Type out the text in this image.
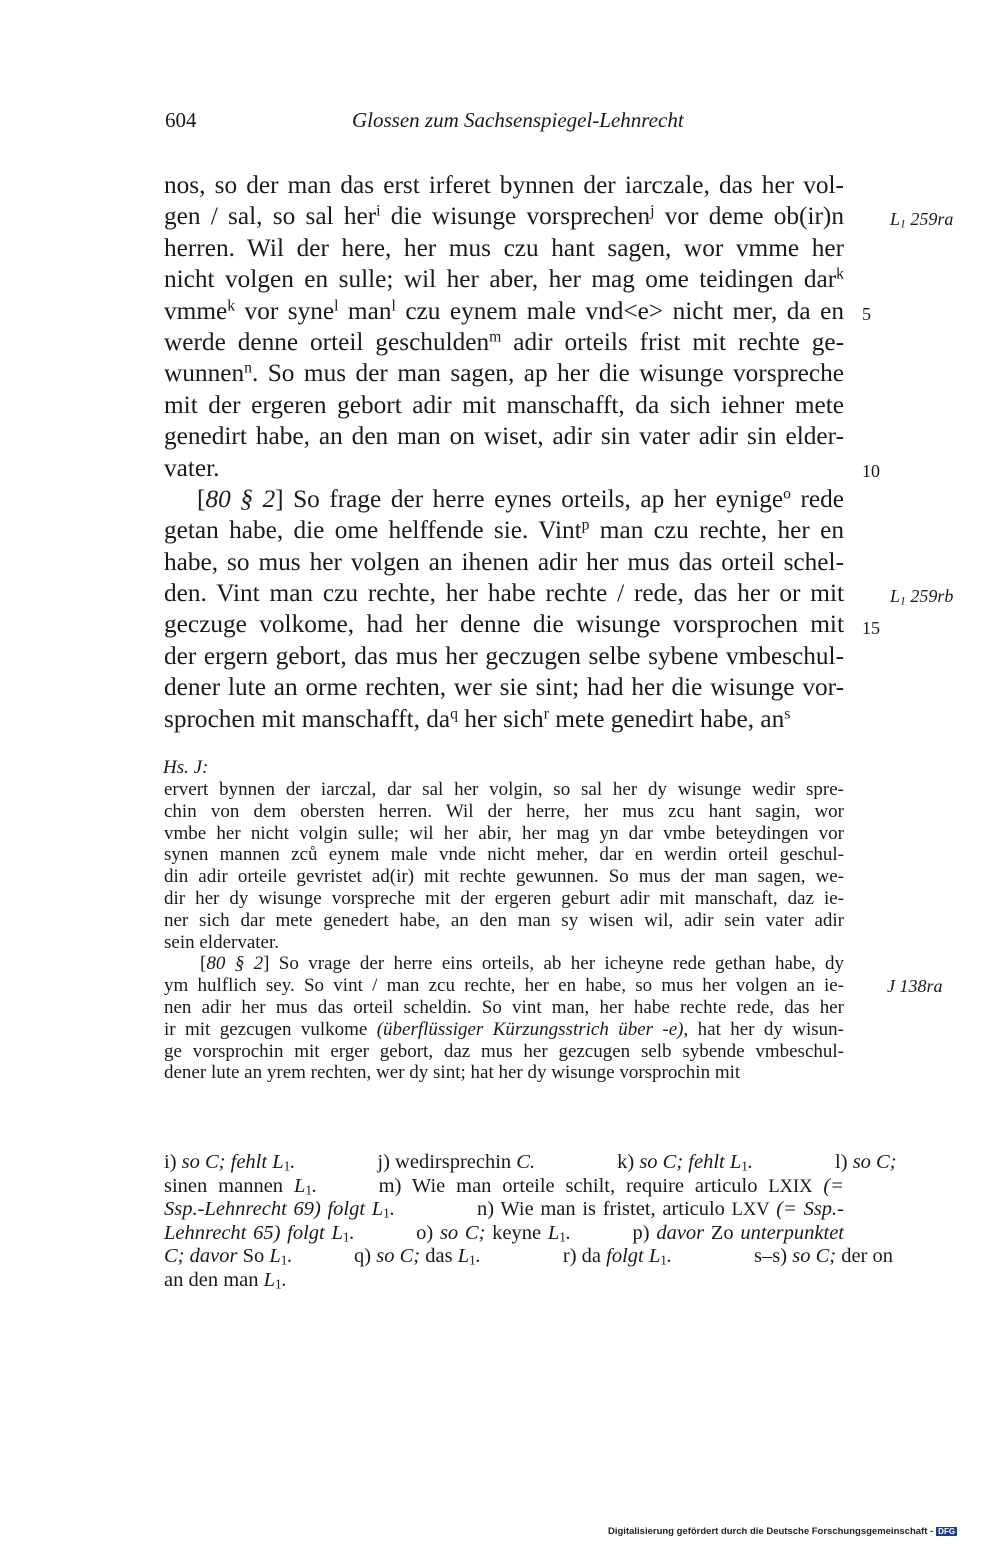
604	Glossen zum Sachsenspiegel-Lehnrecht
nos, so der man das erst irferet bynnen der iarczale, das her vol-
gen / sal, so sal her$^i$ die wisunge vorsprechen$^j$ vor deme ob(ir)n
herren. Wil der here, her mus czu hant sagen, wor vmme her
nicht volgen en sulle; wil her aber, her mag ome teidingen dar$^k$
vmme$^k$ vor syne$^l$ man$^l$ czu eynem male vnd<e> nicht mer, da en
werde denne orteil geschulden$^m$ adir orteils frist mit rechte ge-
wunnen$^n$. So mus der man sagen, ap her die wisunge vorspreche
mit der ergeren gebort adir mit manschafft, da sich iehner mete
genedirt habe, an den man on wiset, adir sin vater adir sin elder-
vater.
[80 § 2] So frage der herre eynes orteils, ap her eynige$^o$ rede
getan habe, die ome helffende sie. Vint$^p$ man czu rechte, her en
habe, so mus her volgen an ihenen adir her mus das orteil schel-
den. Vint man czu rechte, her habe rechte / rede, das her or mit
geczuge volkome, had her denne die wisunge vorsprochen mit
der ergern gebort, das mus her geczugen selbe sybene vmbeschul-
dener lute an orme rechten, wer sie sint; had her die wisunge vor-
sprochen mit manschafft, $da^q$ her sich$^r$ mete genedirt habe, $an^s$
$L_1$ 259ra
$L_1$ 259rb
5
10
15
Hs. J:
ervert bynnen der iarczal, dar sal her volgin, so sal her dy wisunge wedir spre-
chin von dem obersten herren. Wil der herre, her mus zcu hant sagin, wor
vmbe her nicht volgin sulle; wil her abir, her mag yn dar vmbe beteydingen vor
synen mannen zců eynem male vnde nicht meher, dar en werdin orteil geschul-
din adir orteile gevristet ad(ir) mit rechte gewunnen. So mus der man sagen, we-
dir her dy wisunge vorspreche mit der ergeren geburt adir mit manschaft, daz ie-
ner sich dar mete genedert habe, an den man sy wisen wil, adir sein vater adir
sein eldervater.
[80 § 2] So vrage der herre eins orteils, ab her icheyne rede gethan habe, dy
ym hulflich sey. So vint / man zcu rechte, her en habe, so mus her volgen an ie-
nen adir her mus das orteil scheldin. So vint man, her habe rechte rede, das her
ir mit gezcugen vulkome (überflüssiger Kürzungsstrich über -e), hat her dy wisun-
ge vorsprochin mit erger gebort, daz mus her gezcugen selb sybende vmbeschul-
dener lute an yrem rechten, wer dy sint; hat her dy wisunge vorsprochin mit
J 138ra
i) so C; fehlt $L_1$.    j) wedirsprechin C.    k) so C; fehlt $L_1$.    l) so C;
sinen mannen $L_1$.   m) Wie man orteile schilt, require articulo LXIX (=
Ssp.-Lehnrecht 69) folgt $L_1$.    n) Wie man is fristet, articulo LXV (= Ssp.-
Lehnrecht 65) folgt $L_1$.   o) so C; keyne $L_1$.   p) davor Zo unterpunktet
C; davor So $L_1$.   q) so C; das $L_1$.    r) da folgt $L_1$.    s–s) so C; der on
an den man $L_1$.
Digitalisierung gefördert durch die Deutsche Forschungsgemeinschaft - DFG
